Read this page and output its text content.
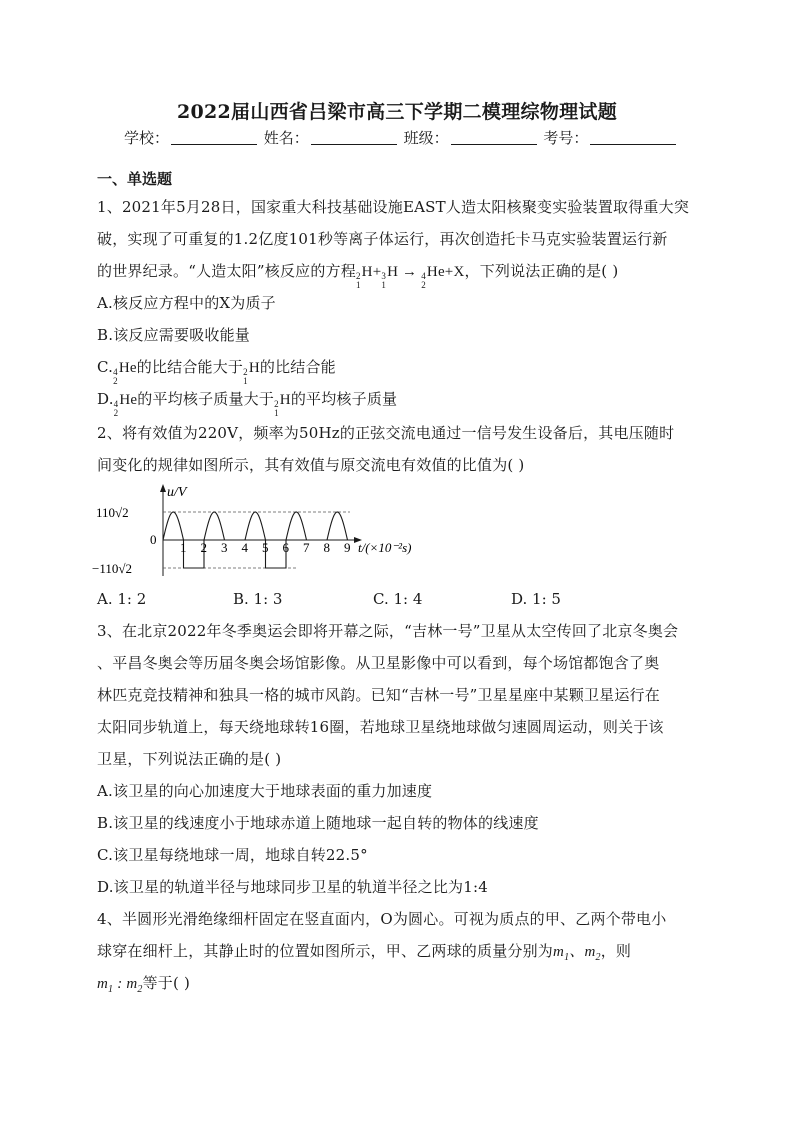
2022届山西省吕梁市高三下学期二模理综物理试题
学校：	姓名：	班级：	考号：
一、单选题
1、2021年5月28日，国家重大科技基础设施EAST人造太阳核聚变实验装置取得重大突
破，实现了可重复的1.2亿度101秒等离子体运行，再次创造托卡马克实验装置运行新
的世界纪录。“人造太阳”核反应的方程 2
1
H+ 3
1
H → 4
2
He+X，下列说法正确的是( )
A.核反应方程中的X为质子
B.该反应需要吸收能量
C. 4
2
He的比结合能大于 2
1
H的比结合能
D. 4
2
He的平均核子质量大于 2
1
H的平均核子质量
2、将有效值为220V，频率为50Hz的正弦交流电通过一信号发生设备后，其电压随时
间变化的规律如图所示，其有效值与原交流电有效值的比值为( )
110√2
0
−110√2
1 2 3 4 5 6 7 8 9
u/V
t/(×10⁻²s)
A. 1: 2	B. 1: 3	C. 1: 4	D. 1: 5
3、在北京2022年冬季奥运会即将开幕之际，“吉林一号”卫星从太空传回了北京冬奥会
、平昌冬奥会等历届冬奥会场馆影像。从卫星影像中可以看到，每个场馆都饱含了奥
林匹克竞技精神和独具一格的城市风韵。已知“吉林一号”卫星星座中某颗卫星运行在
太阳同步轨道上，每天绕地球转16圈，若地球卫星绕地球做匀速圆周运动，则关于该
卫星，下列说法正确的是( )
A.该卫星的向心加速度大于地球表面的重力加速度
B.该卫星的线速度小于地球赤道上随地球一起自转的物体的线速度
C.该卫星每绕地球一周，地球自转22.5°
D.该卫星的轨道半径与地球同步卫星的轨道半径之比为1:4
4、半圆形光滑绝缘细杆固定在竖直面内，O为圆心。可视为质点的甲、乙两个带电小
球穿在细杆上，其静止时的位置如图所示，甲、乙两球的质量分别为$m_1$、$m_2$，则
$m_1$ : $m_2$等于( )
